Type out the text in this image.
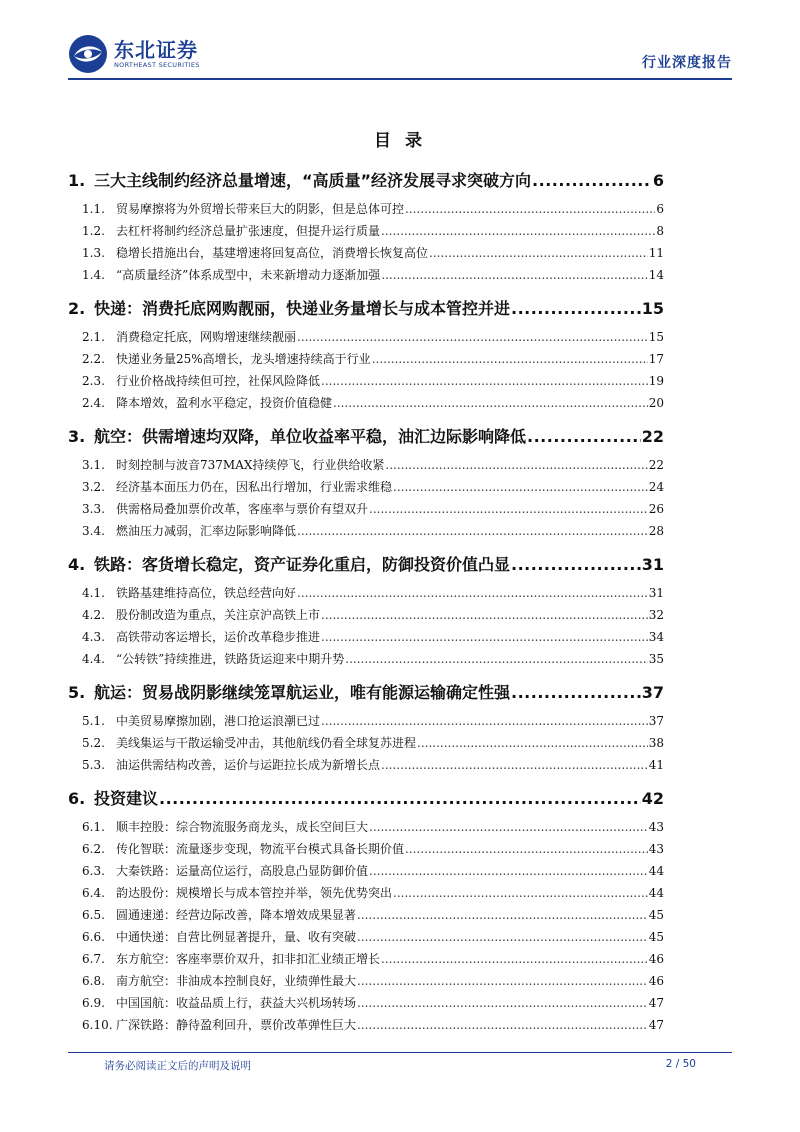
东北证券
NORTHEAST SECURITIES	行业深度报告
目 录
1. 三大主线制约经济总量增速，“高质量”经济发展寻求突破方向 .....	6
1.1. 贸易摩擦将为外贸增长带来巨大的阴影，但是总体可控 .....	6
1.2. 去杠杆将制约经济总量扩张速度，但提升运行质量 .....	8
1.3. 稳增长措施出台，基建增速将回复高位，消费增长恢复高位 .....	11
1.4. “高质量经济”体系成型中，未来新增动力逐渐加强 .....	14
2. 快递：消费托底网购靓丽，快递业务量增长与成本管控并进 .....	15
2.1. 消费稳定托底，网购增速继续靓丽 .....	15
2.2. 快递业务量25%高增长，龙头增速持续高于行业 .....	17
2.3. 行业价格战持续但可控，社保风险降低 .....	19
2.4. 降本增效，盈利水平稳定，投资价值稳健 .....	20
3. 航空：供需增速均双降，单位收益率平稳，油汇边际影响降低 .....	22
3.1. 时刻控制与波音737MAX持续停飞，行业供给收紧 .....	22
3.2. 经济基本面压力仍在，因私出行增加，行业需求维稳 .....	24
3.3. 供需格局叠加票价改革，客座率与票价有望双升 .....	26
3.4. 燃油压力减弱，汇率边际影响降低 .....	28
4. 铁路：客货增长稳定，资产证券化重启，防御投资价值凸显 .....	31
4.1. 铁路基建维持高位，铁总经营向好 .....	31
4.2. 股份制改造为重点，关注京沪高铁上市 .....	32
4.3. 高铁带动客运增长，运价改革稳步推进 .....	34
4.4. “公转铁”持续推进，铁路货运迎来中期升势 .....	35
5. 航运：贸易战阴影继续笼罩航运业，唯有能源运输确定性强 .....	37
5.1. 中美贸易摩擦加剧，港口抢运浪潮已过 .....	37
5.2. 美线集运与干散运输受冲击，其他航线仍看全球复苏进程 .....	38
5.3. 油运供需结构改善，运价与运距拉长成为新增长点 .....	41
6. 投资建议 .....	42
6.1. 顺丰控股：综合物流服务商龙头，成长空间巨大 .....	43
6.2. 传化智联：流量逐步变现，物流平台模式具备长期价值 .....	43
6.3. 大秦铁路：运量高位运行，高股息凸显防御价值 .....	44
6.4. 韵达股份：规模增长与成本管控并举，领先优势突出 .....	44
6.5. 圆通速递：经营边际改善，降本增效成果显著 .....	45
6.6. 中通快递：自营比例显著提升，量、收有突破 .....	45
6.7. 东方航空：客座率票价双升，扣非扣汇业绩正增长 .....	46
6.8. 南方航空：非油成本控制良好，业绩弹性最大 .....	46
6.9. 中国国航：收益品质上行，获益大兴机场转场 .....	47
6.10. 广深铁路：静待盈利回升，票价改革弹性巨大 .....	47
请务必阅读正文后的声明及说明	2 / 50
